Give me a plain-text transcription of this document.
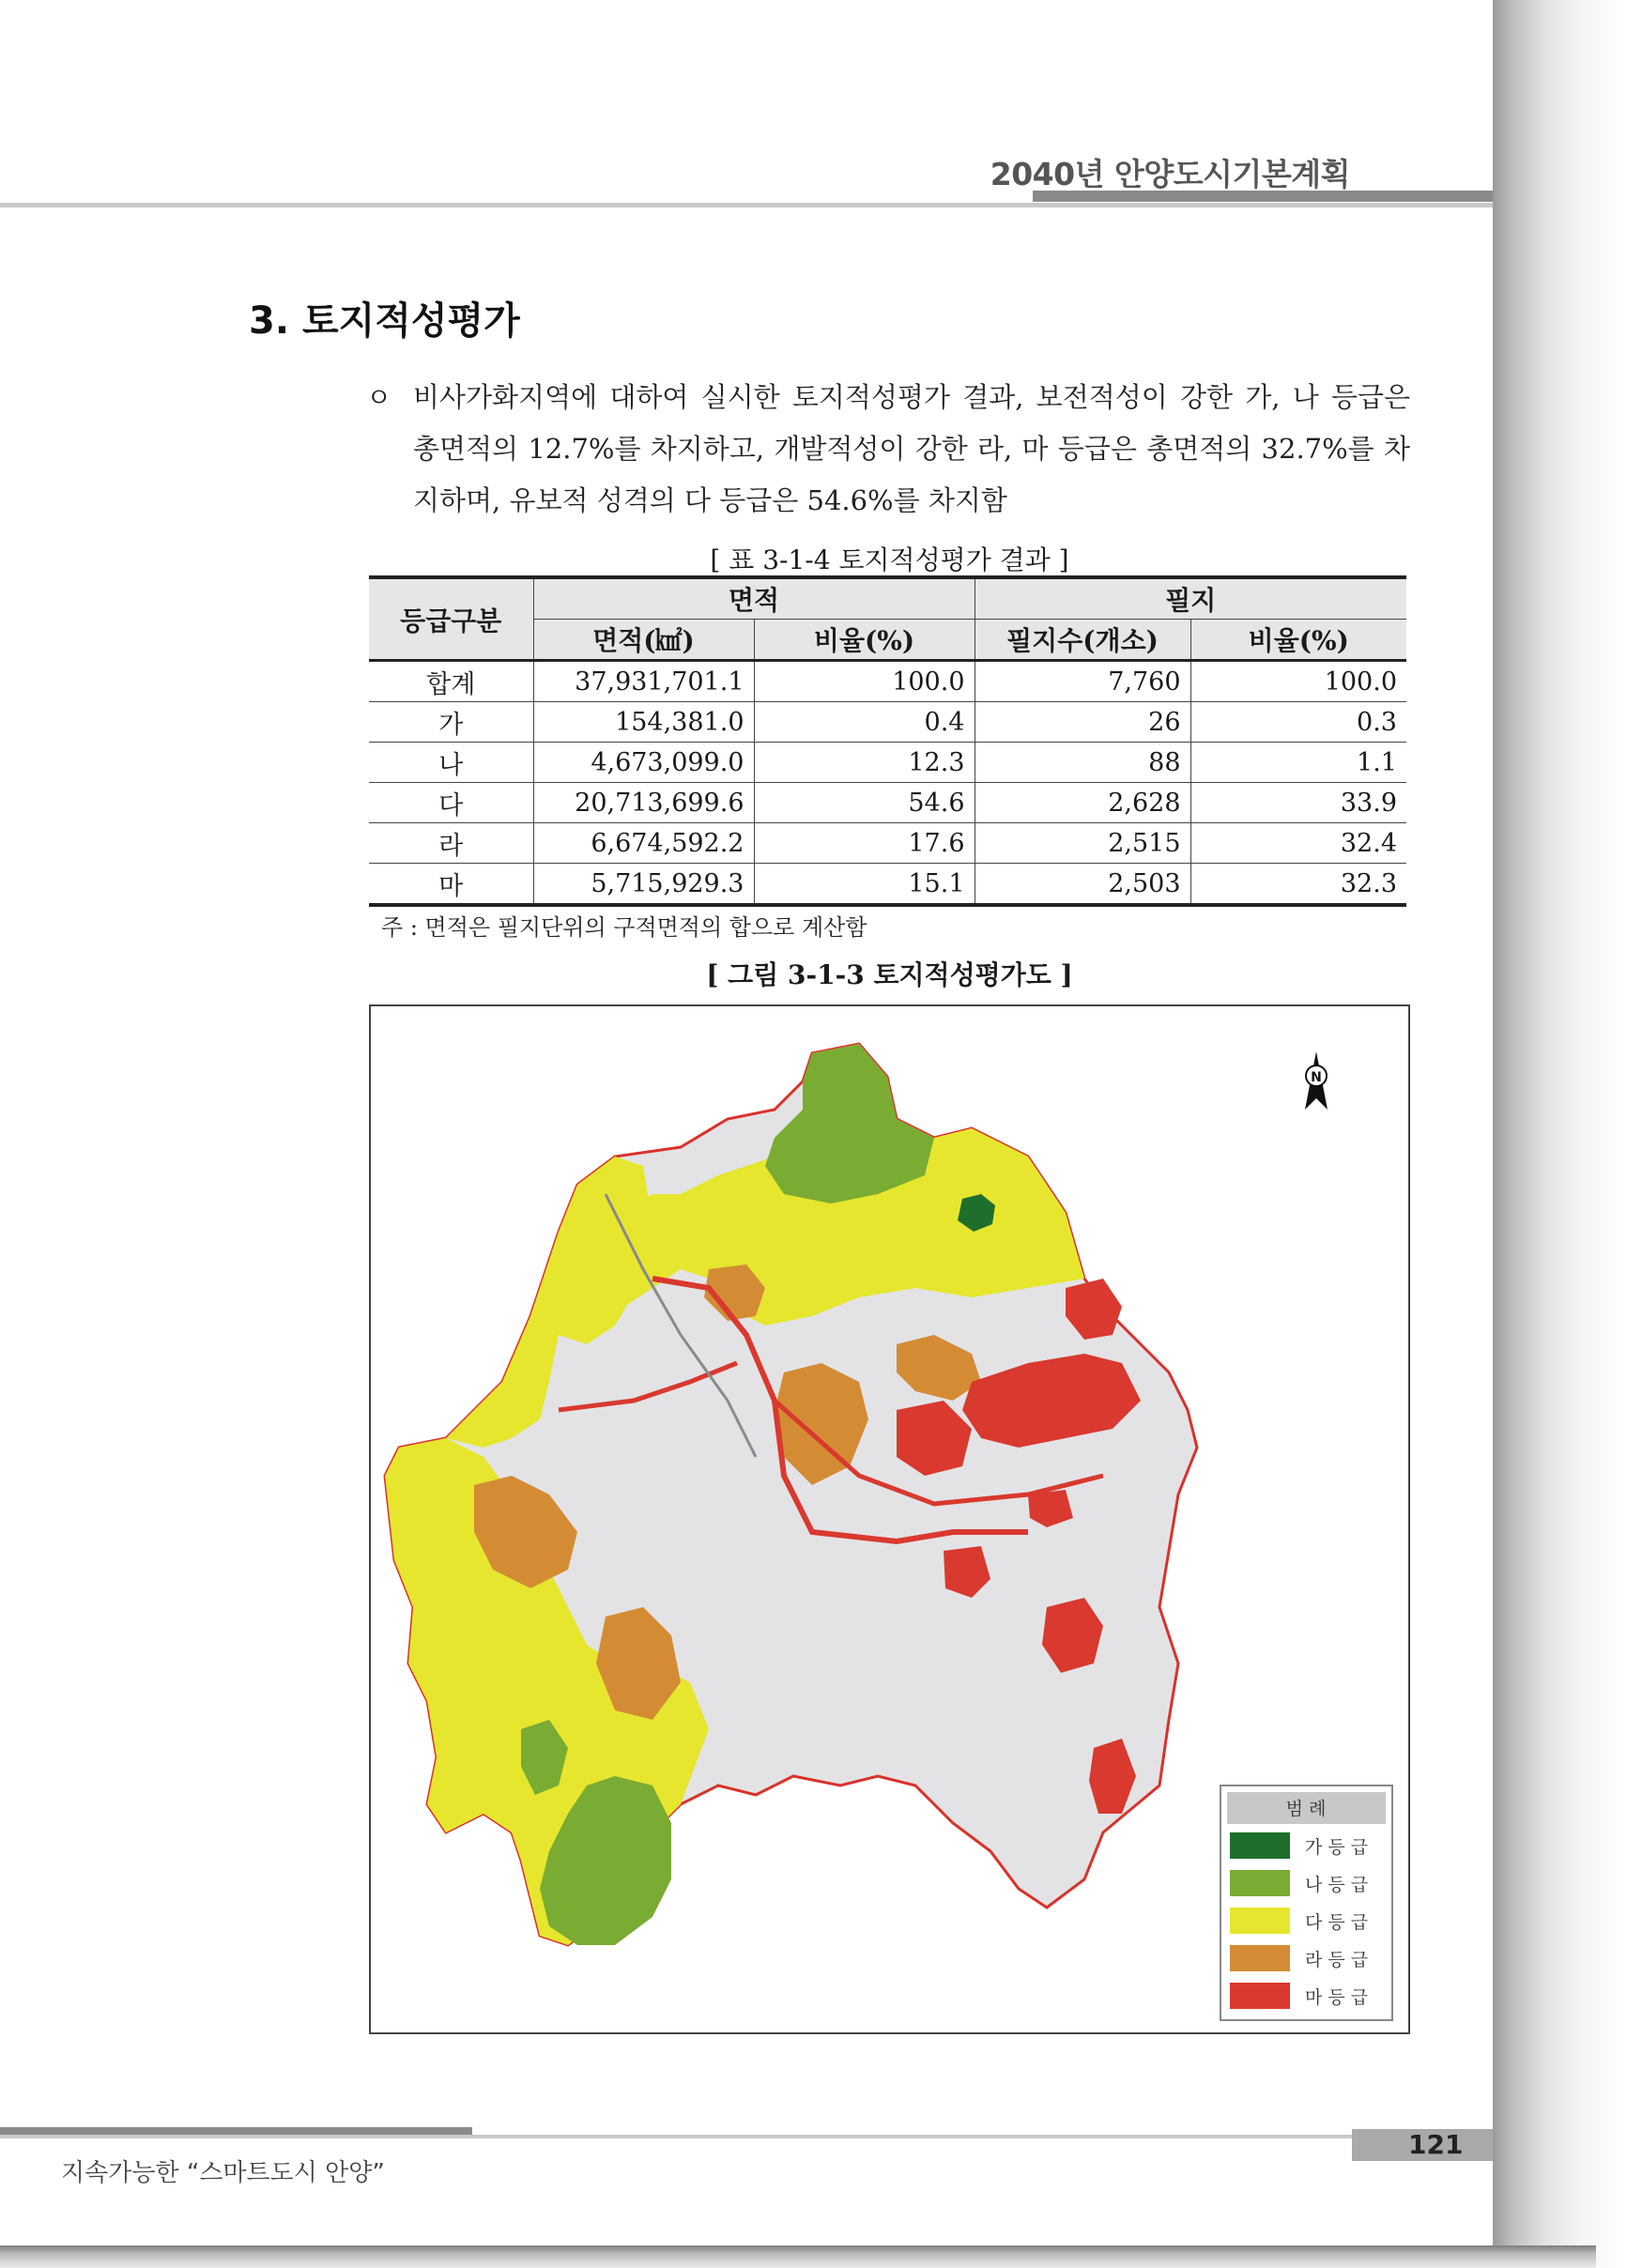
2040년 안양도시기본계획
3. 토지적성평가
ㅇ 비사가화지역에 대하여 실시한 토지적성평가 결과, 보전적성이 강한 가, 나 등급은 총면적의 12.7%를 차지하고, 개발적성이 강한 라, 마 등급은 총면적의 32.7%를 차지하며, 유보적 성격의 다 등급은 54.6%를 차지함
[ 표 3-1-4 토지적성평가 결과 ]
등급구분	면적		필지	
	면적(㎢)	비율(%)	필지수(개소)	비율(%)
합계	37,931,701.1	100.0	7,760	100.0
가	154,381.0	0.4	26	0.3
나	4,673,099.0	12.3	88	1.1
다	20,713,699.6	54.6	2,628	33.9
라	6,674,592.2	17.6	2,515	32.4
마	5,715,929.3	15.1	2,503	32.3
주 : 면적은 필지단위의 구적면적의 합으로 계산함
[ 그림 3-1-3 토지적성평가도 ]
N
범 례
가 등 급
나 등 급
다 등 급
라 등 급
마 등 급
121
지속가능한 “스마트도시 안양”
